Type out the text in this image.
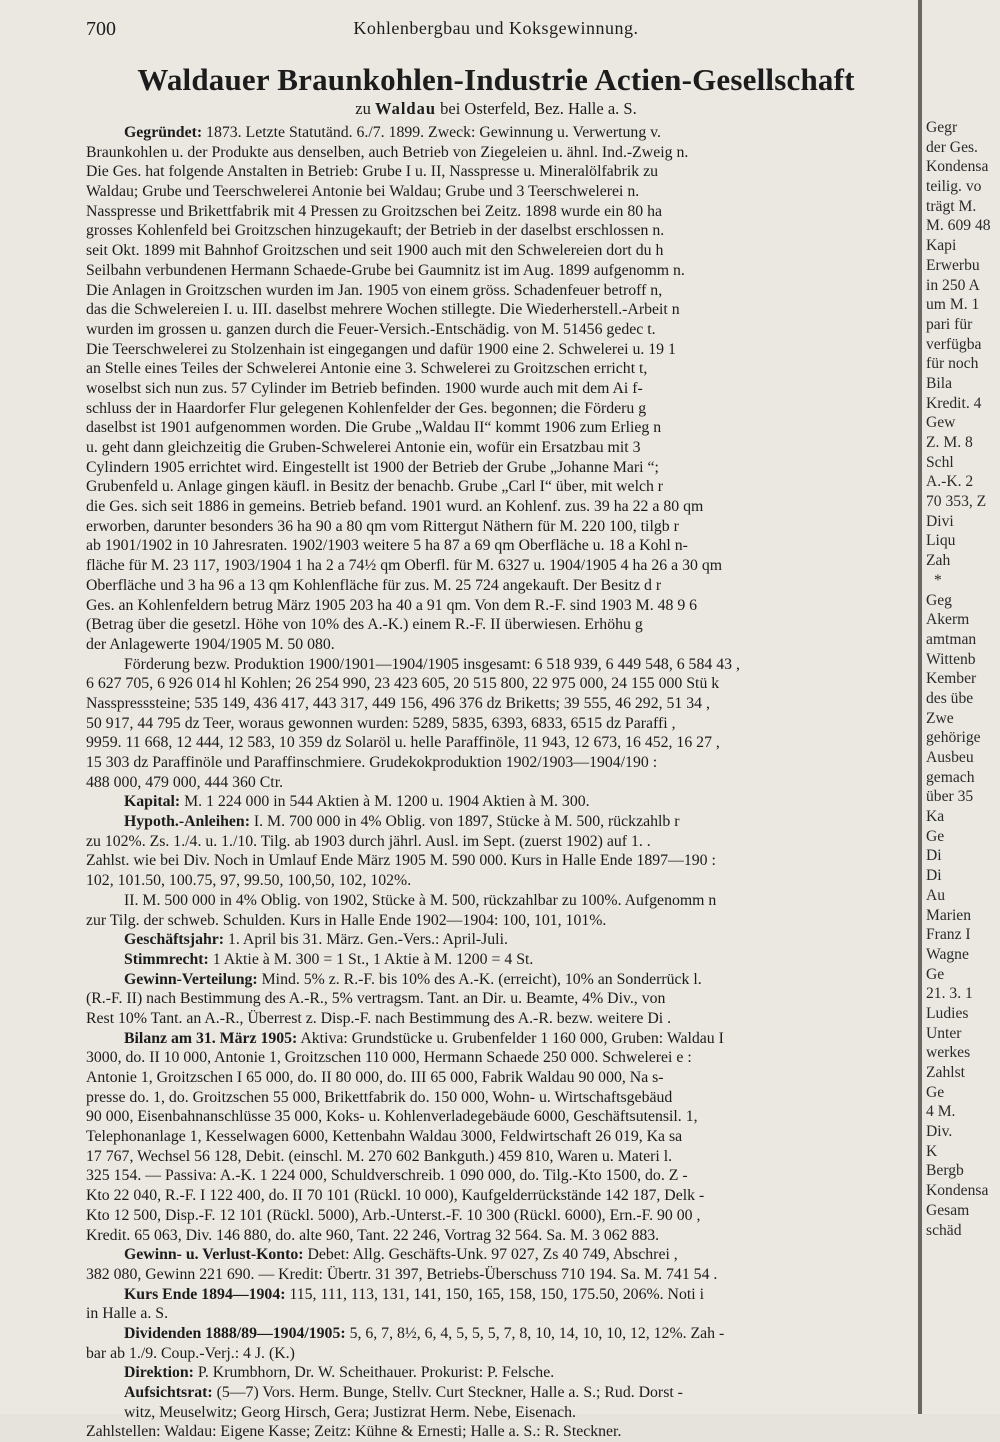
700	Kohlenbergbau und Koksgewinnung.
Waldauer Braunkohlen-Industrie Actien-Gesellschaft
zu Waldau bei Osterfeld, Bez. Halle a. S.
Gegründet: 1873. Letzte Statutänd. 6./7. 1899. Zweck: Gewinnung u. Verwertung v.
Braunkohlen u. der Produkte aus denselben, auch Betrieb von Ziegeleien u. ähnl. Ind.-Zweig n.
Die Ges. hat folgende Anstalten in Betrieb: Grube I u. II, Nasspresse u. Mineralölfabrik zu
Waldau; Grube und Teerschwelerei Antonie bei Waldau; Grube und 3 Teerschwelerei n.
Nasspresse und Brikettfabrik mit 4 Pressen zu Groitzschen bei Zeitz. 1898 wurde ein 80 ha
grosses Kohlenfeld bei Groitzschen hinzugekauft; der Betrieb in der daselbst erschlossen n.
seit Okt. 1899 mit Bahnhof Groitzschen und seit 1900 auch mit den Schwelereien dort du h
Seilbahn verbundenen Hermann Schaede-Grube bei Gaumnitz ist im Aug. 1899 aufgenomm n.
Die Anlagen in Groitzschen wurden im Jan. 1905 von einem gröss. Schadenfeuer betroff n,
das die Schwelereien I. u. III. daselbst mehrere Wochen stillegte. Die Wiederherstell.-Arbeit n
wurden im grossen u. ganzen durch die Feuer-Versich.-Entschädig. von M. 51456 gedec t.
Die Teerschwelerei zu Stolzenhain ist eingegangen und dafür 1900 eine 2. Schwelerei u. 19 1
an Stelle eines Teiles der Schwelerei Antonie eine 3. Schwelerei zu Groitzschen erricht t,
woselbst sich nun zus. 57 Cylinder im Betrieb befinden. 1900 wurde auch mit dem Ai f-
schluss der in Haardorfer Flur gelegenen Kohlenfelder der Ges. begonnen; die Förderu g
daselbst ist 1901 aufgenommen worden. Die Grube „Waldau II“ kommt 1906 zum Erlieg n
u. geht dann gleichzeitig die Gruben-Schwelerei Antonie ein, wofür ein Ersatzbau mit 3
Cylindern 1905 errichtet wird. Eingestellt ist 1900 der Betrieb der Grube „Johanne Mari “;
Grubenfeld u. Anlage gingen käufl. in Besitz der benachb. Grube „Carl I“ über, mit welch r
die Ges. sich seit 1886 in gemeins. Betrieb befand. 1901 wurd. an Kohlenf. zus. 39 ha 22 a 80 qm
erworben, darunter besonders 36 ha 90 a 80 qm vom Rittergut Näthern für M. 220 100, tilgb r
ab 1901/1902 in 10 Jahresraten. 1902/1903 weitere 5 ha 87 a 69 qm Oberfläche u. 18 a Kohl n-
fläche für M. 23 117, 1903/1904 1 ha 2 a 74½ qm Oberfl. für M. 6327 u. 1904/1905 4 ha 26 a 30 qm
Oberfläche und 3 ha 96 a 13 qm Kohlenfläche für zus. M. 25 724 angekauft. Der Besitz d r
Ges. an Kohlenfeldern betrug März 1905 203 ha 40 a 91 qm. Von dem R.-F. sind 1903 M. 48 9 6
(Betrag über die gesetzl. Höhe von 10% des A.-K.) einem R.-F. II überwiesen. Erhöhu g
der Anlagewerte 1904/1905 M. 50 080.
Förderung bezw. Produktion 1900/1901—1904/1905 insgesamt: 6 518 939, 6 449 548, 6 584 43 ,
6 627 705, 6 926 014 hl Kohlen; 26 254 990, 23 423 605, 20 515 800, 22 975 000, 24 155 000 Stü k
Nasspresssteine; 535 149, 436 417, 443 317, 449 156, 496 376 dz Briketts; 39 555, 46 292, 51 34 ,
50 917, 44 795 dz Teer, woraus gewonnen wurden: 5289, 5835, 6393, 6833, 6515 dz Paraffi ,
9959. 11 668, 12 444, 12 583, 10 359 dz Solaröl u. helle Paraffinöle, 11 943, 12 673, 16 452, 16 27 ,
15 303 dz Paraffinöle und Paraffinschmiere. Grudekokproduktion 1902/1903—1904/190 :
488 000, 479 000, 444 360 Ctr.
Kapital: M. 1 224 000 in 544 Aktien à M. 1200 u. 1904 Aktien à M. 300.
Hypoth.-Anleihen: I. M. 700 000 in 4% Oblig. von 1897, Stücke à M. 500, rückzahlb r
zu 102%. Zs. 1./4. u. 1./10. Tilg. ab 1903 durch jährl. Ausl. im Sept. (zuerst 1902) auf 1. .
Zahlst. wie bei Div. Noch in Umlauf Ende März 1905 M. 590 000. Kurs in Halle Ende 1897—190 :
102, 101.50, 100.75, 97, 99.50, 100,50, 102, 102%.
II. M. 500 000 in 4% Oblig. von 1902, Stücke à M. 500, rückzahlbar zu 100%. Aufgenomm n
zur Tilg. der schweb. Schulden. Kurs in Halle Ende 1902—1904: 100, 101, 101%.
Geschäftsjahr: 1. April bis 31. März. Gen.-Vers.: April-Juli.
Stimmrecht: 1 Aktie à M. 300 = 1 St., 1 Aktie à M. 1200 = 4 St.
Gewinn-Verteilung: Mind. 5% z. R.-F. bis 10% des A.-K. (erreicht), 10% an Sonderrück l.
(R.-F. II) nach Bestimmung des A.-R., 5% vertragsm. Tant. an Dir. u. Beamte, 4% Div., von
Rest 10% Tant. an A.-R., Überrest z. Disp.-F. nach Bestimmung des A.-R. bezw. weitere Di .
Bilanz am 31. März 1905: Aktiva: Grundstücke u. Grubenfelder 1 160 000, Gruben: Waldau I
3000, do. II 10 000, Antonie 1, Groitzschen 110 000, Hermann Schaede 250 000. Schwelerei e :
Antonie 1, Groitzschen I 65 000, do. II 80 000, do. III 65 000, Fabrik Waldau 90 000, Na s-
presse do. 1, do. Groitzschen 55 000, Brikettfabrik do. 150 000, Wohn- u. Wirtschaftsgebäud
90 000, Eisenbahnanschlüsse 35 000, Koks- u. Kohlenverladegebäude 6000, Geschäftsutensil. 1,
Telephonanlage 1, Kesselwagen 6000, Kettenbahn Waldau 3000, Feldwirtschaft 26 019, Ka sa
17 767, Wechsel 56 128, Debit. (einschl. M. 270 602 Bankguth.) 459 810, Waren u. Materi l.
325 154. — Passiva: A.-K. 1 224 000, Schuldverschreib. 1 090 000, do. Tilg.-Kto 1500, do. Z -
Kto 22 040, R.-F. I 122 400, do. II 70 101 (Rückl. 10 000), Kaufgelderrückstände 142 187, Delk -
Kto 12 500, Disp.-F. 12 101 (Rückl. 5000), Arb.-Unterst.-F. 10 300 (Rückl. 6000), Ern.-F. 90 00 ,
Kredit. 65 063, Div. 146 880, do. alte 960, Tant. 22 246, Vortrag 32 564. Sa. M. 3 062 883.
Gewinn- u. Verlust-Konto: Debet: Allg. Geschäfts-Unk. 97 027, Zs 40 749, Abschrei ,
382 080, Gewinn 221 690. — Kredit: Übertr. 31 397, Betriebs-Überschuss 710 194. Sa. M. 741 54 .
Kurs Ende 1894—1904: 115, 111, 113, 131, 141, 150, 165, 158, 150, 175.50, 206%. Noti i
in Halle a. S.
Dividenden 1888/89—1904/1905: 5, 6, 7, 8½, 6, 4, 5, 5, 5, 7, 8, 10, 14, 10, 10, 12, 12%. Zah -
bar ab 1./9. Coup.-Verj.: 4 J. (K.)
Direktion: P. Krumbhorn, Dr. W. Scheithauer. Prokurist: P. Felsche.
Aufsichtsrat: (5—7) Vors. Herm. Bunge, Stellv. Curt Steckner, Halle a. S.; Rud. Dorst -
witz, Meuselwitz; Georg Hirsch, Gera; Justizrat Herm. Nebe, Eisenach.
Zahlstellen: Waldau: Eigene Kasse; Zeitz: Kühne & Ernesti; Halle a. S.: R. Steckner.
Gegr
der Ges.
Kondensa
teilig. vo
trägt M.
M. 609 48
Kapi
Erwerbu
in 250 A
um M. 1
pari für
verfügba
für noch
Bila
Kredit. 4
Gew
Z. M. 8
Schl
A.-K. 2
70 353, Z
Divi
Liqu
Zah
*
Geg
Akerm
amtman
Wittenb
Kember
des übe
Zwe
gehörige
Ausbeu
gemach
über 35
Ka
Ge
Di
Di
Au
Marien
Franz I
Wagne
Ge
21. 3. 1
Ludies
Unter
werkes
Zahlst
Ge
4 M.
Div.
K
Bergb
Kondensa
Gesam
schäd
